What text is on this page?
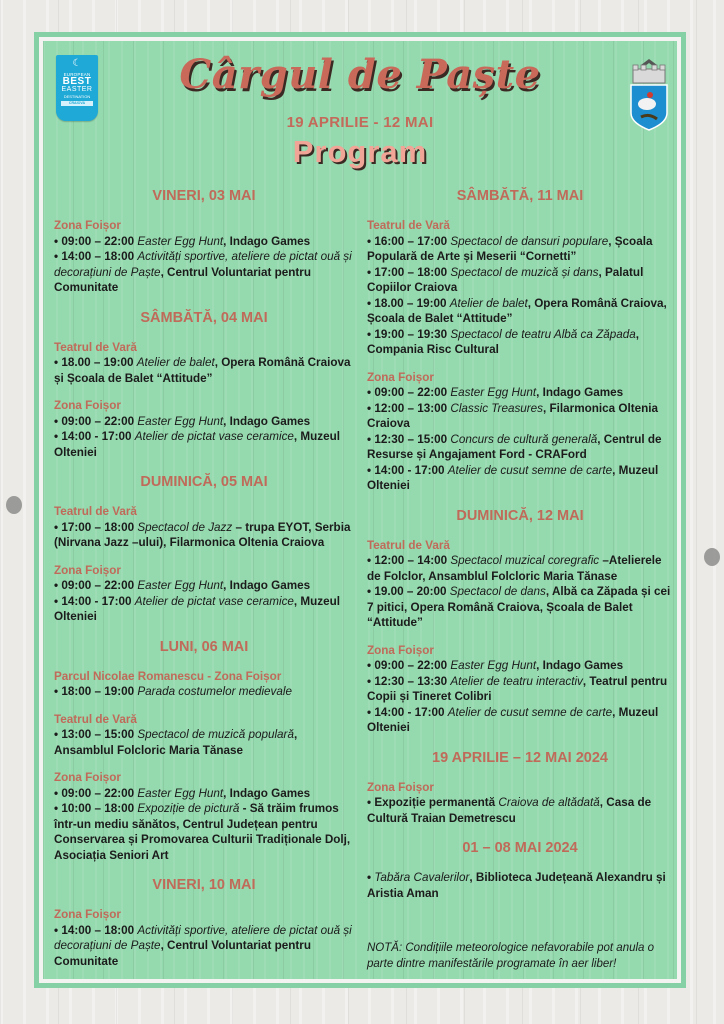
☾
EUROPEAN
BEST
EASTER
DESTINATION
CRAIOVA
Cârgul de Paște
19 APRILIE - 12 MAI
Program
VINERI, 03 MAI
Zona Foișor
• 09:00 – 22:00 Easter Egg Hunt, Indago Games
• 14:00 – 18:00 Activități sportive, ateliere de pictat ouă și decorațiuni de Paște, Centrul Voluntariat pentru Comunitate
SÂMBĂTĂ, 04 MAI
Teatrul de Vară
• 18.00 – 19:00 Atelier de balet, Opera Română Craiova și Școala de Balet “Attitude”
Zona Foișor
• 09:00 – 22:00 Easter Egg Hunt, Indago Games
• 14:00 - 17:00 Atelier de pictat vase ceramice, Muzeul Olteniei
DUMINICĂ, 05 MAI
Teatrul de Vară
• 17:00 – 18:00 Spectacol de Jazz – trupa EYOT, Serbia (Nirvana Jazz –ului), Filarmonica Oltenia Craiova
Zona Foișor
• 09:00 – 22:00 Easter Egg Hunt, Indago Games
• 14:00 - 17:00 Atelier de pictat vase ceramice, Muzeul Olteniei
LUNI, 06 MAI
Parcul Nicolae Romanescu - Zona Foișor
• 18:00 – 19:00 Parada costumelor medievale
Teatrul de Vară
• 13:00 – 15:00 Spectacol de muzică populară, Ansamblul Folcloric Maria Tănase
Zona Foișor
• 09:00 – 22:00 Easter Egg Hunt, Indago Games
• 10:00 – 18:00 Expoziție de pictură - Să trăim frumos într-un mediu sănătos, Centrul Județean pentru Conservarea și Promovarea Culturii Tradiționale Dolj, Asociația Seniori Art
VINERI, 10 MAI
Zona Foișor
• 14:00 – 18:00 Activități sportive, ateliere de pictat ouă și decorațiuni de Paște, Centrul Voluntariat pentru Comunitate
SÂMBĂTĂ, 11 MAI
Teatrul de Vară
• 16:00 – 17:00 Spectacol de dansuri populare, Școala Populară de Arte și Meserii “Cornetti”
• 17:00 – 18:00 Spectacol de muzică și dans, Palatul Copiilor Craiova
• 18.00 – 19:00 Atelier de balet, Opera Română Craiova, Școala de Balet “Attitude”
• 19:00 – 19:30 Spectacol de teatru Albă ca Zăpada, Compania Risc Cultural
Zona Foișor
• 09:00 – 22:00 Easter Egg Hunt, Indago Games
• 12:00 – 13:00 Classic Treasures, Filarmonica Oltenia Craiova
• 12:30 – 15:00 Concurs de cultură generală, Centrul de Resurse și Angajament Ford - CRAFord
• 14:00 - 17:00 Atelier de cusut semne de carte, Muzeul Olteniei
DUMINICĂ, 12 MAI
Teatrul de Vară
• 12:00 – 14:00 Spectacol muzical coregrafic –Atelierele de Folclor, Ansamblul Folcloric Maria Tănase
• 19.00 – 20:00 Spectacol de dans, Albă ca Zăpada și cei 7 pitici, Opera Română Craiova, Școala de Balet “Attitude”
Zona Foișor
• 09:00 – 22:00 Easter Egg Hunt, Indago Games
• 12:30 – 13:30 Atelier de teatru interactiv, Teatrul pentru Copii și Tineret Colibri
• 14:00 - 17:00 Atelier de cusut semne de carte, Muzeul Olteniei
19 APRILIE – 12 MAI 2024
Zona Foișor
• Expoziție permanentă Craiova de altădată, Casa de Cultură Traian Demetrescu
01 – 08 MAI 2024
• Tabăra Cavalerilor, Biblioteca Județeană Alexandru și Aristia Aman
NOTĂ: Condițiile meteorologice nefavorabile pot anula o parte dintre manifestările programate în aer liber!
